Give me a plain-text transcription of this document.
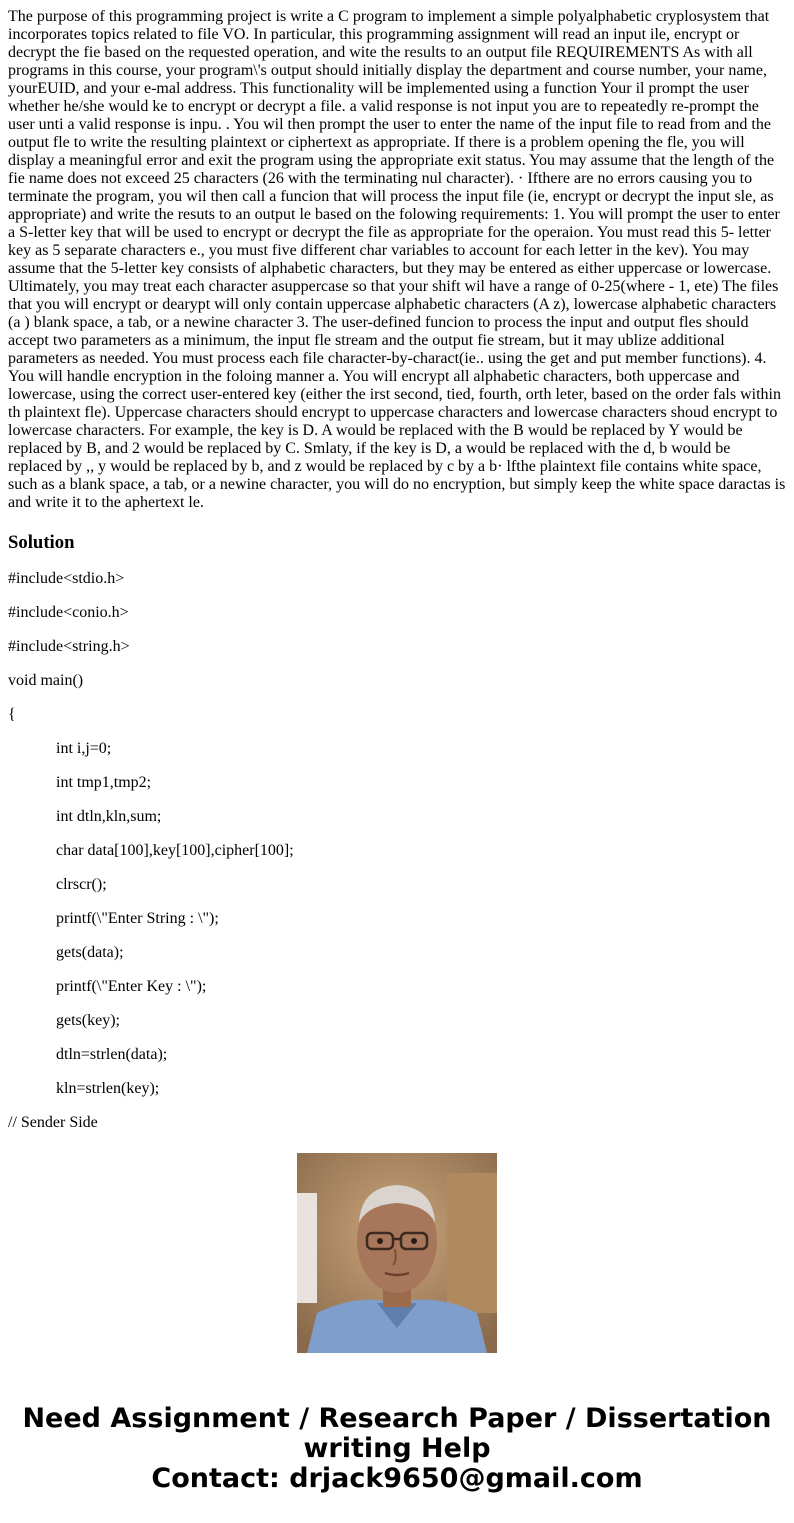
The purpose of this programming project is write a C program to implement a simple polyalphabetic cryplosystem that incorporates topics related to file VO. In particular, this programming assignment will read an input ile, encrypt or decrypt the fie based on the requested operation, and wite the results to an output file REQUIREMENTS As with all programs in this course, your program\'s output should initially display the department and course number, your name, yourEUID, and your e-mal address. This functionality will be implemented using a function Your il prompt the user whether he/she would ke to encrypt or decrypt a file. a valid response is not input you are to repeatedly re-prompt the user unti a valid response is inpu. . You wil then prompt the user to enter the name of the input file to read from and the output fle to write the resulting plaintext or ciphertext as appropriate. If there is a problem opening the fle, you will display a meaningful error and exit the program using the appropriate exit status. You may assume that the length of the fie name does not exceed 25 characters (26 with the terminating nul character). · Ifthere are no errors causing you to terminate the program, you wil then call a funcion that will process the input file (ie, encrypt or decrypt the input sle, as appropriate) and write the resuts to an output le based on the folowing requirements: 1. You will prompt the user to enter a S-letter key that will be used to encrypt or decrypt the file as appropriate for the operaion. You must read this 5- letter key as 5 separate characters e., you must five different char variables to account for each letter in the kev). You may assume that the 5-letter key consists of alphabetic characters, but they may be entered as either uppercase or lowercase. Ultimately, you may treat each character asuppercase so that your shift wil have a range of 0-25(where - 1, ete) The files that you will encrypt or dearypt will only contain uppercase alphabetic characters (A z), lowercase alphabetic characters (a ) blank space, a tab, or a newine character 3. The user-defined funcion to process the input and output fles should accept two parameters as a minimum, the input fle stream and the output fie stream, but it may ublize additional parameters as needed. You must process each file character-by-charact(ie.. using the get and put member functions). 4. You will handle encryption in the foloing manner a. You will encrypt all alphabetic characters, both uppercase and lowercase, using the correct user-entered key (either the irst second, tied, fourth, orth leter, based on the order fals within th plaintext fle). Uppercase characters should encrypt to uppercase characters and lowercase characters shoud encrypt to lowercase characters. For example, the key is D. A would be replaced with the B would be replaced by Y would be replaced by B, and 2 would be replaced by C. Smlaty, if the key is D, a would be replaced with the d, b would be replaced by ,, y would be replaced by b, and z would be replaced by c by a b· lfthe plaintext file contains white space, such as a blank space, a tab, or a newine character, you will do no encryption, but simply keep the white space daractas is and write it to the aphertext le.

Solution

#include<stdio.h>

#include<conio.h>

#include<string.h>

void main()

{

int i,j=0;

int tmp1,tmp2;

int dtln,kln,sum;

char data[100],key[100],cipher[100];

clrscr();

printf(\"Enter String : \");

gets(data);

printf(\"Enter Key : \");

gets(key);

dtln=strlen(data);

kln=strlen(key);

// Sender Side

Need Assignment / Research Paper / Dissertation
writing Help
Contact: drjack9650@gmail.com
